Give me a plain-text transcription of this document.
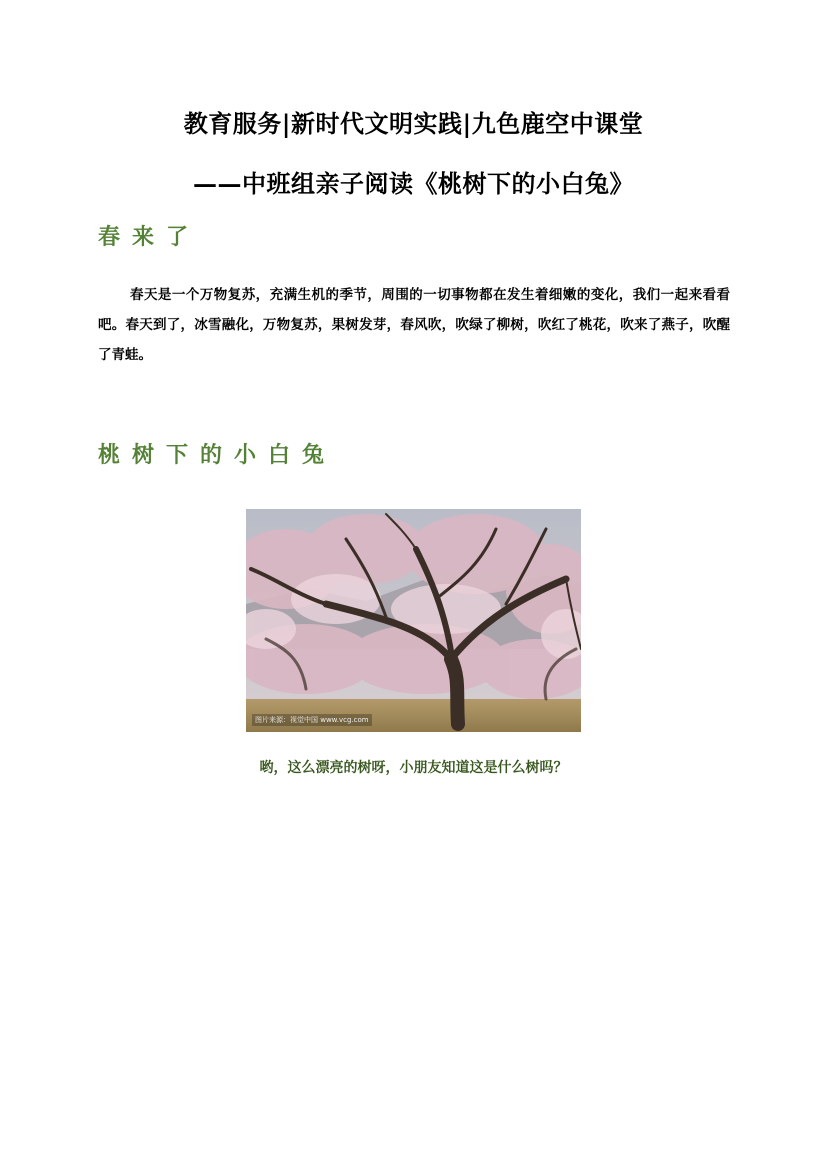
教育服务|新时代文明实践|九色鹿空中课堂
——中班组亲子阅读《桃树下的小白兔》
春来了
春天是一个万物复苏，充满生机的季节，周围的一切事物都在发生着细嫩的变化，我们一起来看看吧。春天到了，冰雪融化，万物复苏，果树发芽，春风吹，吹绿了柳树，吹红了桃花，吹来了燕子，吹醒了青蛙。
桃树下的小白兔
图片来源：视觉中国 www.vcg.com
哟，这么漂亮的树呀，小朋友知道这是什么树吗？
